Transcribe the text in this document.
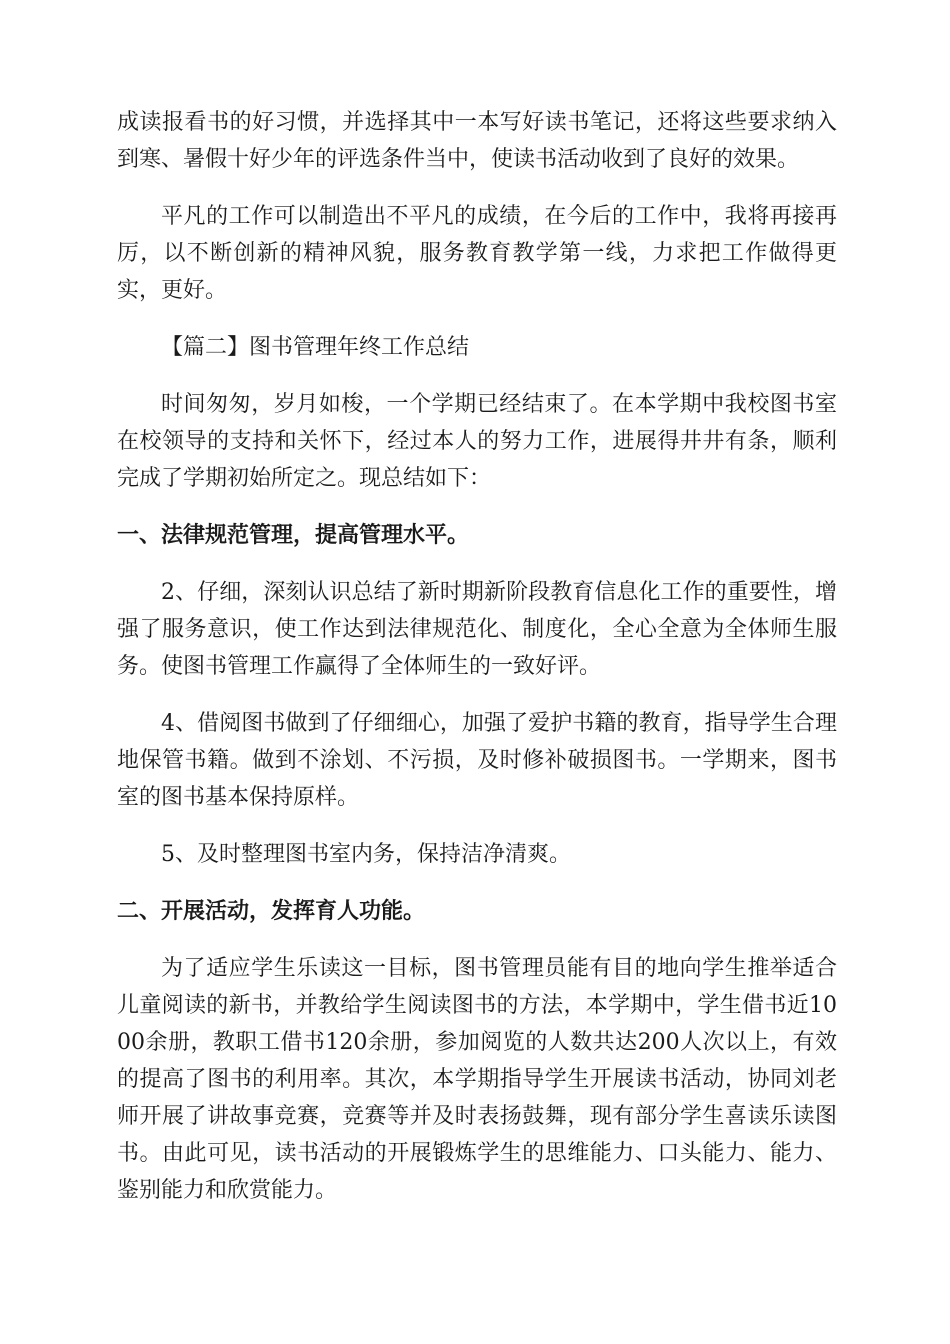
成读报看书的好习惯，并选择其中一本写好读书笔记，还将这些要求纳入到寒、暑假十好少年的评选条件当中，使读书活动收到了良好的效果。

平凡的工作可以制造出不平凡的成绩，在今后的工作中，我将再接再厉，以不断创新的精神风貌，服务教育教学第一线，力求把工作做得更实，更好。

【篇二】图书管理年终工作总结

时间匆匆，岁月如梭，一个学期已经结束了。在本学期中我校图书室在校领导的支持和关怀下，经过本人的努力工作，进展得井井有条，顺利完成了学期初始所定之。现总结如下：

一、法律规范管理，提高管理水平。

2、仔细，深刻认识总结了新时期新阶段教育信息化工作的重要性，增强了服务意识，使工作达到法律规范化、制度化，全心全意为全体师生服务。使图书管理工作赢得了全体师生的一致好评。

4、借阅图书做到了仔细细心，加强了爱护书籍的教育，指导学生合理地保管书籍。做到不涂划、不污损，及时修补破损图书。一学期来，图书室的图书基本保持原样。

5、及时整理图书室内务，保持洁净清爽。

二、开展活动，发挥育人功能。

为了适应学生乐读这一目标，图书管理员能有目的地向学生推举适合儿童阅读的新书，并教给学生阅读图书的方法，本学期中，学生借书近1000余册，教职工借书120余册，参加阅览的人数共达200人次以上，有效的提高了图书的利用率。其次，本学期指导学生开展读书活动，协同刘老师开展了讲故事竞赛，竞赛等并及时表扬鼓舞，现有部分学生喜读乐读图书。由此可见，读书活动的开展锻炼学生的思维能力、口头能力、能力、鉴别能力和欣赏能力。
